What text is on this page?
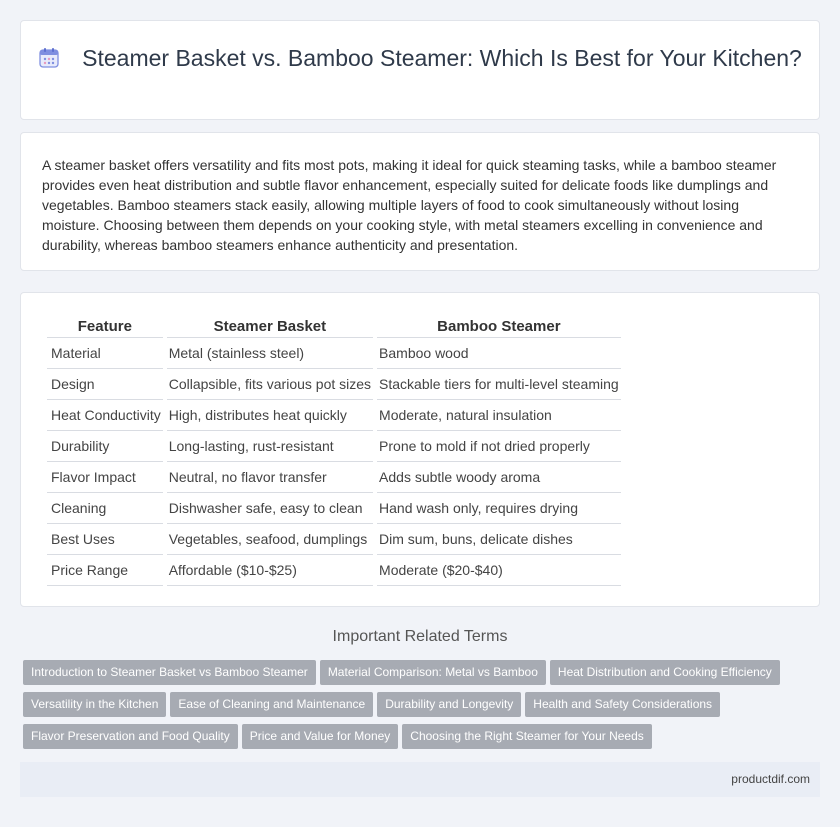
Steamer Basket vs. Bamboo Steamer: Which Is Best for Your Kitchen?

A steamer basket offers versatility and fits most pots, making it ideal for quick steaming tasks, while a bamboo steamer provides even heat distribution and subtle flavor enhancement, especially suited for delicate foods like dumplings and vegetables. Bamboo steamers stack easily, allowing multiple layers of food to cook simultaneously without losing moisture. Choosing between them depends on your cooking style, with metal steamers excelling in convenience and durability, whereas bamboo steamers enhance authenticity and presentation.

Feature	Steamer Basket	Bamboo Steamer
Material	Metal (stainless steel)	Bamboo wood
Design	Collapsible, fits various pot sizes	Stackable tiers for multi-level steaming
Heat Conductivity	High, distributes heat quickly	Moderate, natural insulation
Durability	Long-lasting, rust-resistant	Prone to mold if not dried properly
Flavor Impact	Neutral, no flavor transfer	Adds subtle woody aroma
Cleaning	Dishwasher safe, easy to clean	Hand wash only, requires drying
Best Uses	Vegetables, seafood, dumplings	Dim sum, buns, delicate dishes
Price Range	Affordable ($10-$25)	Moderate ($20-$40)
Important Related Terms
Introduction to Steamer Basket vs Bamboo Steamer Material Comparison: Metal vs Bamboo Heat Distribution and Cooking EfficiencyVersatility in the Kitchen Ease of Cleaning and Maintenance Durability and Longevity Health and Safety ConsiderationsFlavor Preservation and Food Quality Price and Value for Money Choosing the Right Steamer for Your Needs
productdif.com
